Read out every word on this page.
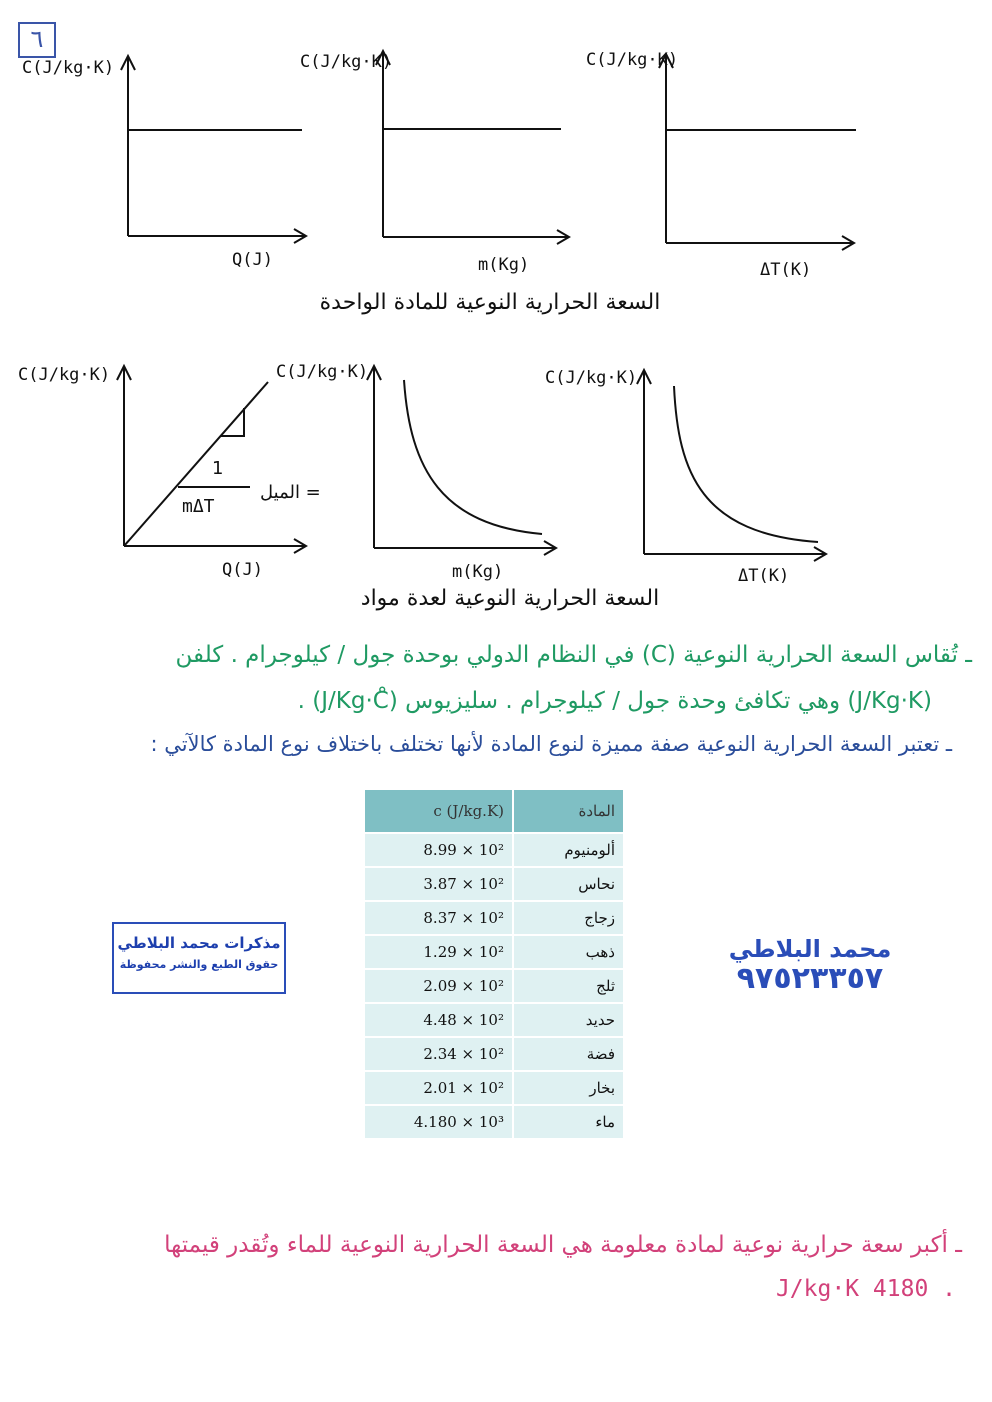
٦
C(J/kg·K)
Q(J)
C(J/kg·K)
m(Kg)
C(J/kg·K)
ΔT(K)
السعة الحرارية النوعية للمادة الواحدة
C(J/kg·K)	C(J/kg·K)
1
mΔT
= الميل
Q(J)	m(Kg)
C(J/kg·K)
ΔT(K)
السعة الحرارية النوعية لعدة مواد
ـ تُقاس السعة الحرارية النوعية (C) في النظام الدولي بوحدة جول / كيلوجرام . كلفن
(J/Kg·K) وهي تكافئ وحدة جول / كيلوجرام . سليزيوس (J/Kg·C̊) .
ـ تعتبر السعة الحرارية النوعية صفة مميزة لنوع المادة لأنها تختلف باختلاف نوع المادة كالآتي :
c (J/kg.K)	المادة
8.99 × 10²	ألومنيوم
3.87 × 10²	نحاس
8.37 × 10²	زجاج
1.29 × 10²	ذهب
2.09 × 10²	ثلج
4.48 × 10²	حديد
2.34 × 10²	فضة
2.01 × 10²	بخار
4.180 × 10³	ماء
مذكرات محمد البلاطي
حقوق الطبع والنشر محفوظة
محمد البلاطي
٩٧٥٢٣٣٥٧
ـ أكبر سعة حرارية نوعية لمادة معلومة هي السعة الحرارية النوعية للماء وتُقدر قيمتها
. 4180 J/kg·K
